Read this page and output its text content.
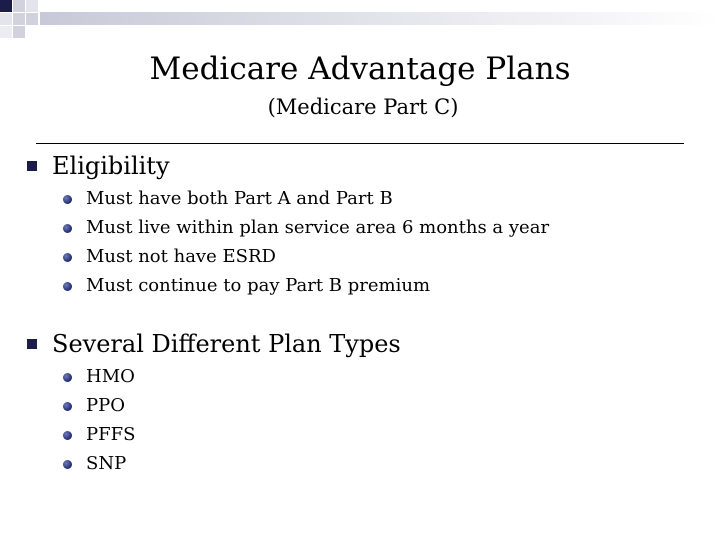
Medicare Advantage Plans
(Medicare Part C)
Eligibility
Must have both Part A and Part B
Must live within plan service area 6 months a year
Must not have ESRD
Must continue to pay Part B premium
Several Different Plan Types
HMO
PPO
PFFS
SNP
